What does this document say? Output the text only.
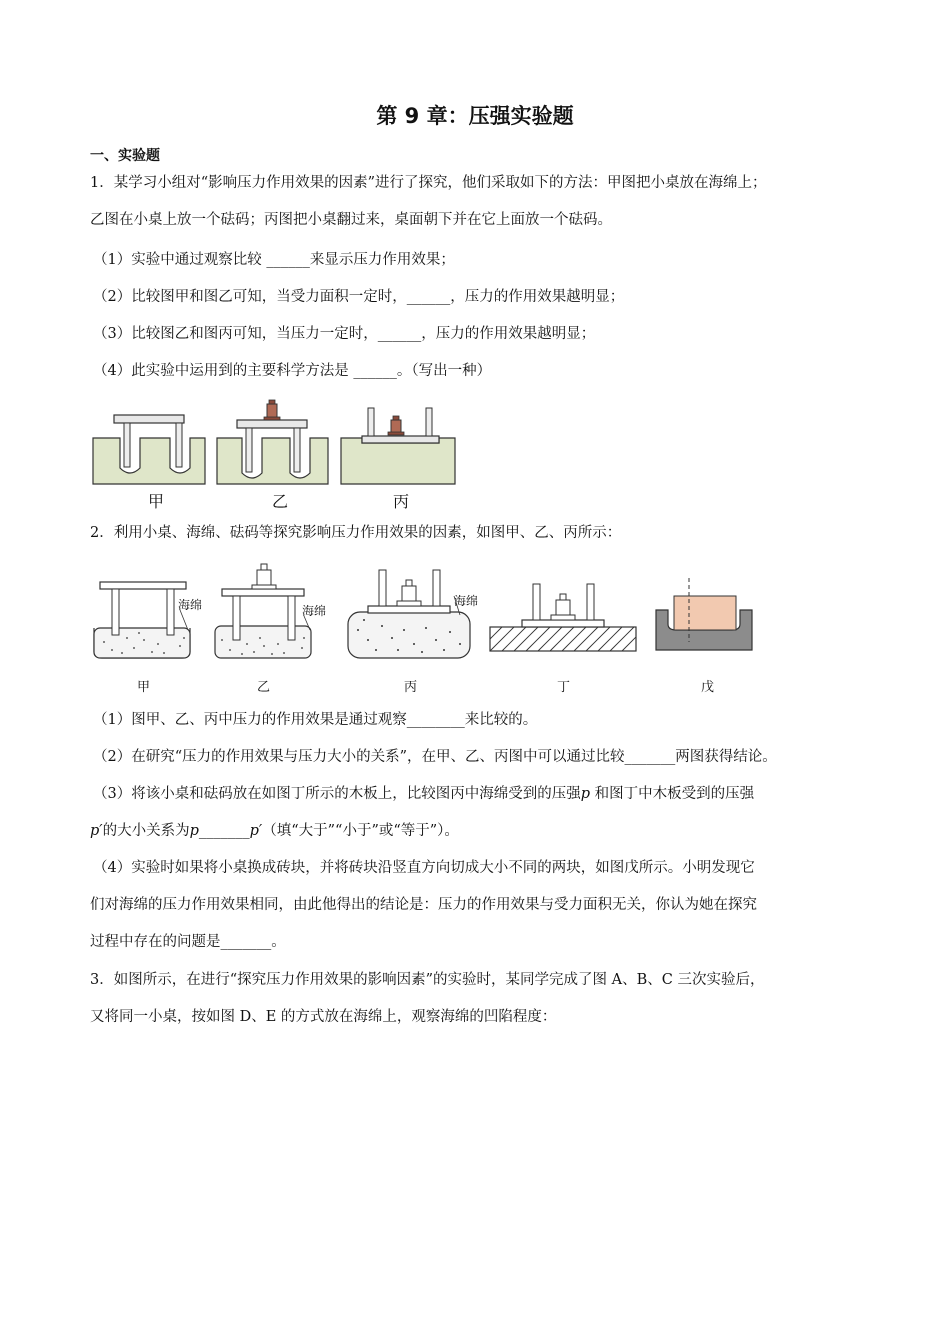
第 9 章：压强实验题
一、实验题
1．某学习小组对“影响压力作用效果的因素”进行了探究，他们采取如下的方法：甲图把小桌放在海绵上；
乙图在小桌上放一个砝码；丙图把小桌翻过来，桌面朝下并在它上面放一个砝码。
（1）实验中通过观察比较 ______来显示压力作用效果；
（2）比较图甲和图乙可知，当受力面积一定时，______，压力的作用效果越明显；
（3）比较图乙和图丙可知，当压力一定时，______，压力的作用效果越明显；
（4）此实验中运用到的主要科学方法是 ______。（写出一种）
甲	乙	丙
2．利用小桌、海绵、砝码等探究影响压力作用效果的因素，如图甲、乙、丙所示：
海绵	海绵
海绵
甲	乙	丙	丁	戊
（1）图甲、乙、丙中压力的作用效果是通过观察________来比较的。
（2）在研究“压力的作用效果与压力大小的关系”，在甲、乙、丙图中可以通过比较_______两图获得结论。
（3）将该小桌和砝码放在如图丁所示的木板上，比较图丙中海绵受到的压强p 和图丁中木板受到的压强
p′的大小关系为p_______p′（填“大于”“小于”或“等于”）。
（4）实验时如果将小桌换成砖块，并将砖块沿竖直方向切成大小不同的两块，如图戊所示。小明发现它
们对海绵的压力作用效果相同，由此他得出的结论是：压力的作用效果与受力面积无关，你认为她在探究
过程中存在的问题是_______。
3．如图所示，在进行“探究压力作用效果的影响因素”的实验时，某同学完成了图 A、B、C 三次实验后，
又将同一小桌，按如图 D、E 的方式放在海绵上，观察海绵的凹陷程度：
